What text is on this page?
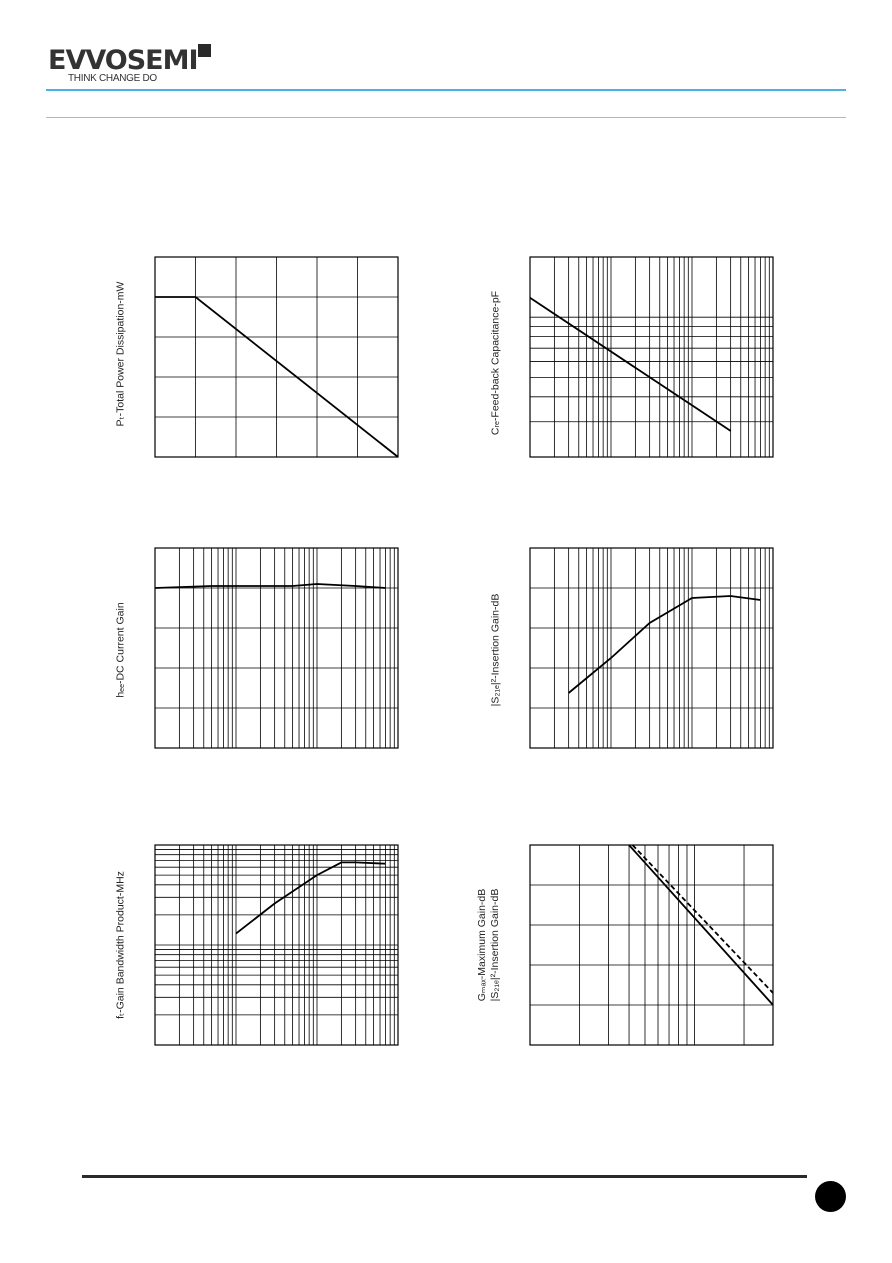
EVVOSEMI
THINK CHANGE DO
Pₜ-Total Power Dissipation-mW	Cᵣₑ-Feed-back Capacitance-pF
hₑₑ-DC Current Gain	|S₂₁ₑ|²-Insertion Gain-dB
fₜ-Gain Bandwidth Product-MHz	Gₘₐₓ-Maximum Gain-dB
|S₂₁ₑ|²-Insertion Gain-dB
